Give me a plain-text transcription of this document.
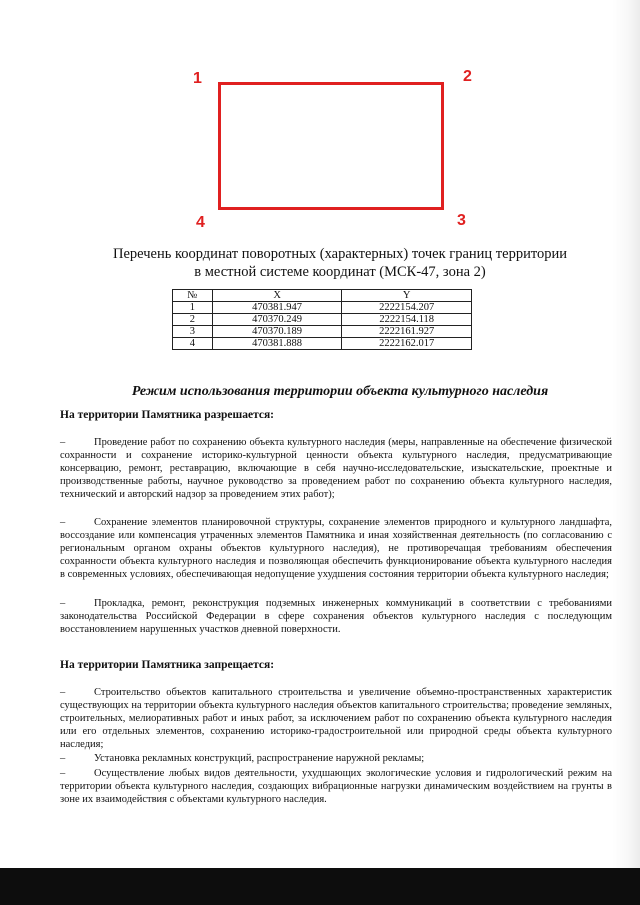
1	2
3
4
Перечень координат поворотных (характерных) точек границ территории
в местной системе координат (МСК-47, зона 2)
№	X	Y
1	470381.947	2222154.207
2	470370.249	2222154.118
3	470370.189	2222161.927
4	470381.888	2222162.017
Режим использования территории объекта культурного наследия
На территории Памятника разрешается:
–	Проведение работ по сохранению объекта культурного наследия (меры, направленные на обеспечение физической сохранности и сохранение историко-культурной ценности объекта культурного наследия, предусматривающие консервацию, ремонт, реставрацию, включающие в себя научно-исследовательские, изыскательские, проектные и производственные работы, научное руководство за проведением работ по сохранению объекта культурного наследия, технический и авторский надзор за проведением этих работ);
–	Сохранение элементов планировочной структуры, сохранение элементов природного и культурного ландшафта, воссоздание или компенсация утраченных элементов Памятника и иная хозяйственная деятельность (по согласованию с региональным органом охраны объектов культурного наследия), не противоречащая требованиям обеспечения сохранности объекта культурного наследия и позволяющая обеспечить функционирование объекта культурного наследия в современных условиях, обеспечивающая недопущение ухудшения состояния территории объекта культурного наследия;
–	Прокладка, ремонт, реконструкция подземных инженерных коммуникаций в соответствии с требованиями законодательства Российской Федерации в сфере сохранения объектов культурного наследия с последующим восстановлением нарушенных участков дневной поверхности.
На территории Памятника запрещается:
–	Строительство объектов капитального строительства и увеличение объемно-пространственных характеристик существующих на территории объекта культурного наследия объектов капитального строительства; проведение земляных, строительных, мелиоративных работ и иных работ, за исключением работ по сохранению объекта культурного наследия или его отдельных элементов, сохранению историко-градостроительной или природной среды объекта культурного наследия;
–	Установка рекламных конструкций, распространение наружной рекламы;
–	Осуществление любых видов деятельности, ухудшающих экологические условия и гидрологический режим на территории объекта культурного наследия, создающих вибрационные нагрузки динамическим воздействием на грунты в зоне их взаимодействия с объектами культурного наследия.
